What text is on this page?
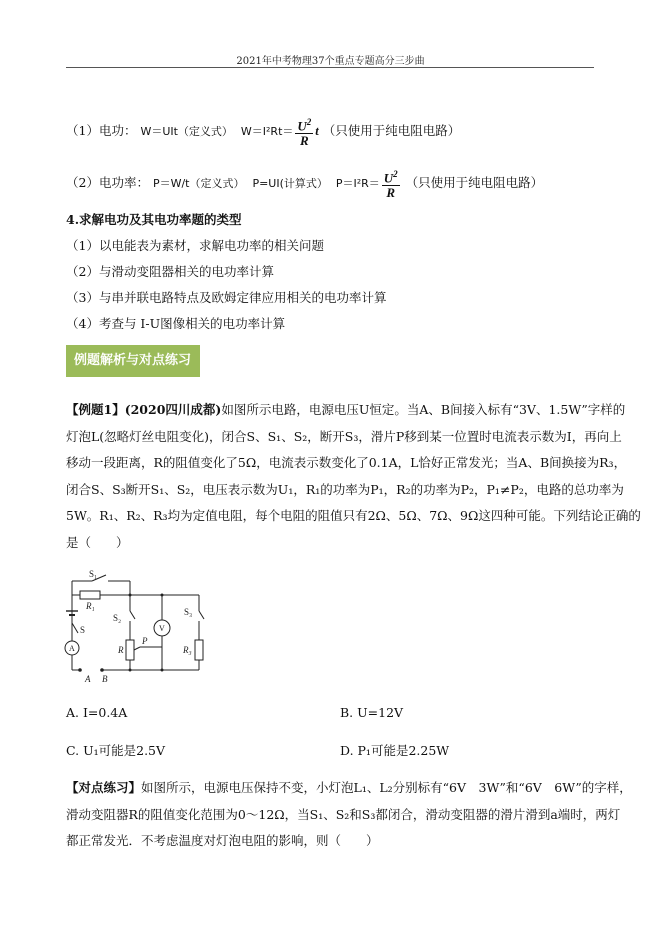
2021年中考物理37个重点专题高分三步曲
（1）电功： W＝UIt（定义式） $W=I^2Rt= \frac{U^2}{R}$ t （只使用于纯电阻电路）
（2）电功率： P＝W/t（定义式） P=UI(计算式） $P=I^2R= \frac{U^2}{R}$ （只使用于纯电阻电路）
4.求解电功及其电功率题的类型
（1）以电能表为素材，求解电功率的相关问题
（2）与滑动变阻器相关的电功率计算
（3）与串并联电路特点及欧姆定律应用相关的电功率计算
（4）考查与 I-U图像相关的电功率计算
例题解析与对点练习
【例题1】(2020四川成都)如图所示电路，电源电压U恒定。当A、B间接入标有“3V、1.5W”字样的
灯泡L(忽略灯丝电阻变化)，闭合S、S₁、S₂，断开S₃，滑片P移到某一位置时电流表示数为I，再向上
移动一段距离，R的阻值变化了5Ω，电流表示数变化了0.1A，L恰好正常发光；当A、B间换接为R₃，
闭合S、S₃断开S₁、S₂，电压表示数为U₁，R₁的功率为P₁，R₂的功率为P₂，P₁≠P₂，电路的总功率为
5W。R₁、R₂、R₃均为定值电阻，每个电阻的阻值只有2Ω、5Ω、7Ω、9Ω这四种可能。下列结论正确的
是（　　）
S₁
R₁
S₂
S₃
S
A
V
R
P
R₃
A B
A. I=0.4A	B. U=12V
C. U₁可能是2.5V	D. P₁可能是2.25W
【对点练习】如图所示，电源电压保持不变，小灯泡L₁、L₂分别标有“6V　3W”和“6V　6W”的字样，
滑动变阻器R的阻值变化范围为0～12Ω，当S₁、S₂和S₃都闭合，滑动变阻器的滑片滑到a端时，两灯
都正常发光．不考虑温度对灯泡电阻的影响，则（　　）
